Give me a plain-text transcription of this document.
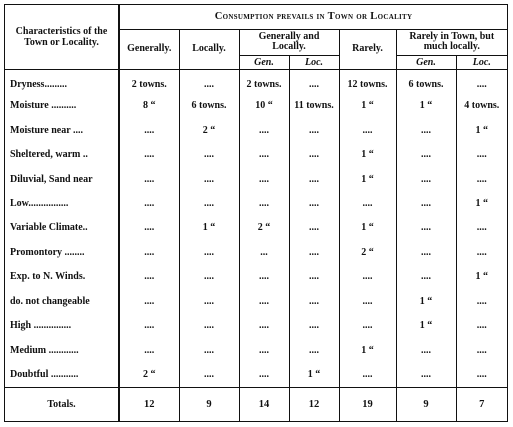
Characteristics of the Town or Locality.	Consumption prevails in Town or Locality						
	Generally.	Locally.	Generally and Locally.		Rarely.	Rarely in Town, but much locally.	
			Gen.	Loc.		Gen.	Loc.
Dryness.........	2 towns.	....	2 towns.	....	12 towns.	6 towns.	....
Moisture ..........	8 “	6 towns.	10 “	11 towns.	1 “	1 “	4 towns.
Moisture near ....	....	2 “	....	....	....	....	1 “
Sheltered, warm ..	....	....	....	....	1 “	....	....
Diluvial, Sand near	....	....	....	....	1 “	....	....
Low................	....	....	....	....	....	....	1 “
Variable Climate..	....	1 “	2 “	....	1 “	....	....
Promontory ........	....	....	...	....	2 “	....	....
Exp. to N. Winds.	....	....	....	....	....	....	1 “
do. not changeable	....	....	....	....	....	1 “	....
High ...............	....	....	....	....	....	1 “	....
Medium ............	....	....	....	....	1 “	....	....
Doubtful ...........	2 “	....	....	1 “	....	....	....
Totals.	12	9	14	12	19	9	7
